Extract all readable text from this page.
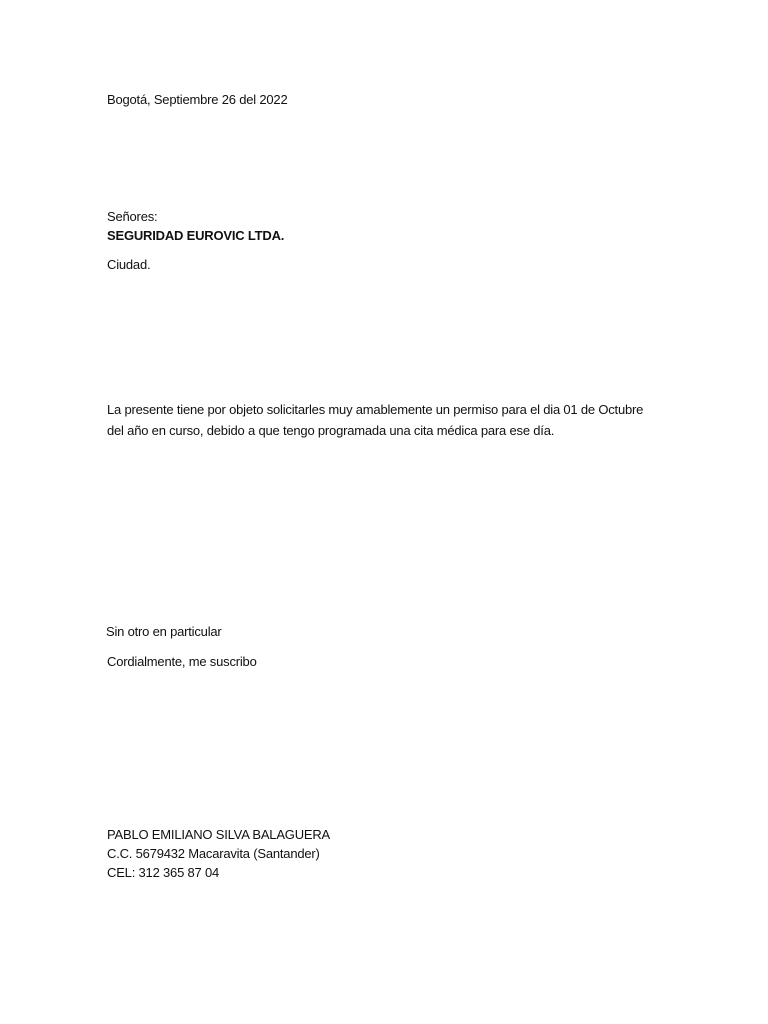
Bogotá, Septiembre 26 del 2022
Señores:
SEGURIDAD EUROVIC LTDA.
Ciudad.
La presente tiene por objeto solicitarles muy amablemente un permiso para el dia 01 de Octubre
del año en curso, debido a que tengo programada una cita médica para ese día.
Sin otro en particular
Cordialmente, me suscribo
PABLO EMILIANO SILVA BALAGUERA
C.C. 5679432 Macaravita (Santander)
CEL: 312 365 87 04
